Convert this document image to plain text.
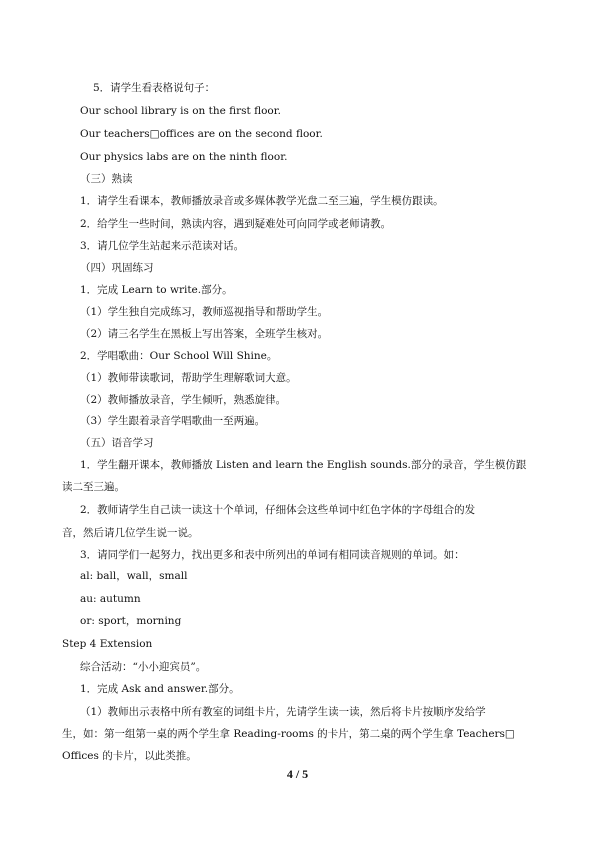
5．请学生看表格说句子：
Our school library is on the first floor.
Our teachers□offices are on the second floor.
Our physics labs are on the ninth floor.
（三）熟读
1．请学生看课本，教师播放录音或多媒体教学光盘二至三遍，学生模仿跟读。
2．给学生一些时间，熟读内容，遇到疑难处可向同学或老师请教。
3．请几位学生站起来示范读对话。
（四）巩固练习
1．完成 Learn to write.部分。
（1）学生独自完成练习，教师巡视指导和帮助学生。
（2）请三名学生在黑板上写出答案，全班学生核对。
2．学唱歌曲：Our School Will Shine。
（1）教师带读歌词，帮助学生理解歌词大意。
（2）教师播放录音，学生倾听，熟悉旋律。
（3）学生跟着录音学唱歌曲一至两遍。
（五）语音学习
1．学生翻开课本，教师播放 Listen and learn the English sounds.部分的录音，学生模仿跟
读二至三遍。
2．教师请学生自己读一读这十个单词，仔细体会这些单词中红色字体的字母组合的发
音，然后请几位学生说一说。
3．请同学们一起努力，找出更多和表中所列出的单词有相同读音规则的单词。如：
al: ball，wall，small
au: autumn
or: sport，morning
Step 4 Extension
综合活动：“小小迎宾员”。
1．完成 Ask and answer.部分。
（1）教师出示表格中所有教室的词组卡片，先请学生读一读，然后将卡片按顺序发给学
生，如：第一组第一桌的两个学生拿 Reading-rooms 的卡片，第二桌的两个学生拿 Teachers□
Offices 的卡片，以此类推。
4 / 5
